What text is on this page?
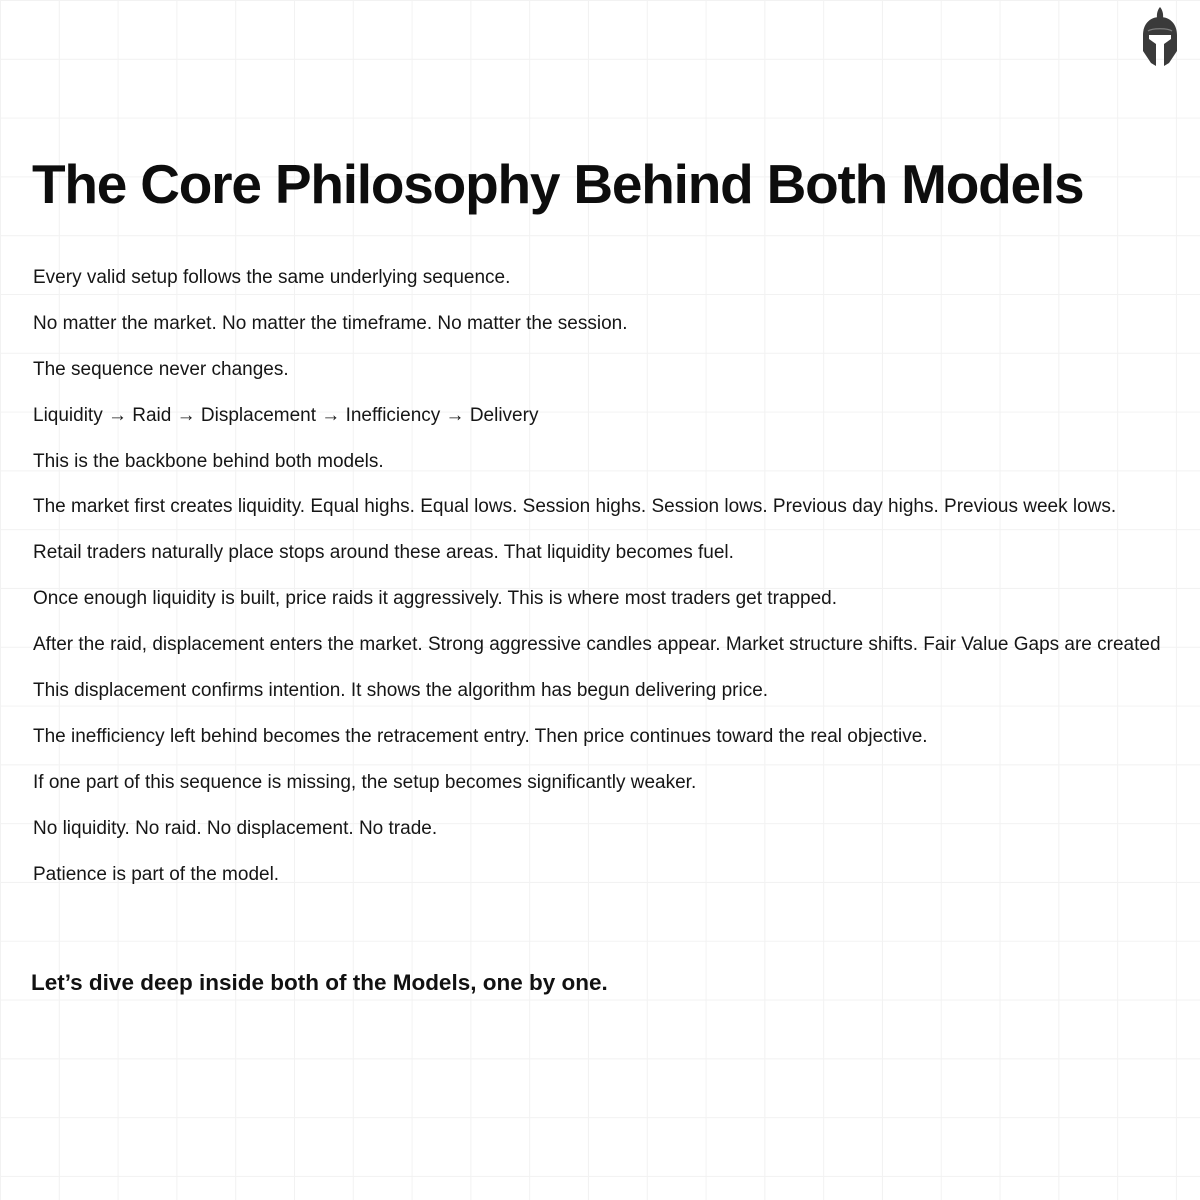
The Core Philosophy Behind Both Models
Every valid setup follows the same underlying sequence.
No matter the market. No matter the timeframe. No matter the session.
The sequence never changes.
Liquidity → Raid → Displacement → Inefficiency → Delivery
This is the backbone behind both models.
The market first creates liquidity. Equal highs. Equal lows. Session highs. Session lows. Previous day highs. Previous week lows.
Retail traders naturally place stops around these areas. That liquidity becomes fuel.
Once enough liquidity is built, price raids it aggressively. This is where most traders get trapped.
After the raid, displacement enters the market. Strong aggressive candles appear. Market structure shifts. Fair Value Gaps are created
This displacement confirms intention. It shows the algorithm has begun delivering price.
The inefficiency left behind becomes the retracement entry. Then price continues toward the real objective.
If one part of this sequence is missing, the setup becomes significantly weaker.
No liquidity. No raid. No displacement. No trade.
Patience is part of the model.
Let’s dive deep inside both of the Models, one by one.
